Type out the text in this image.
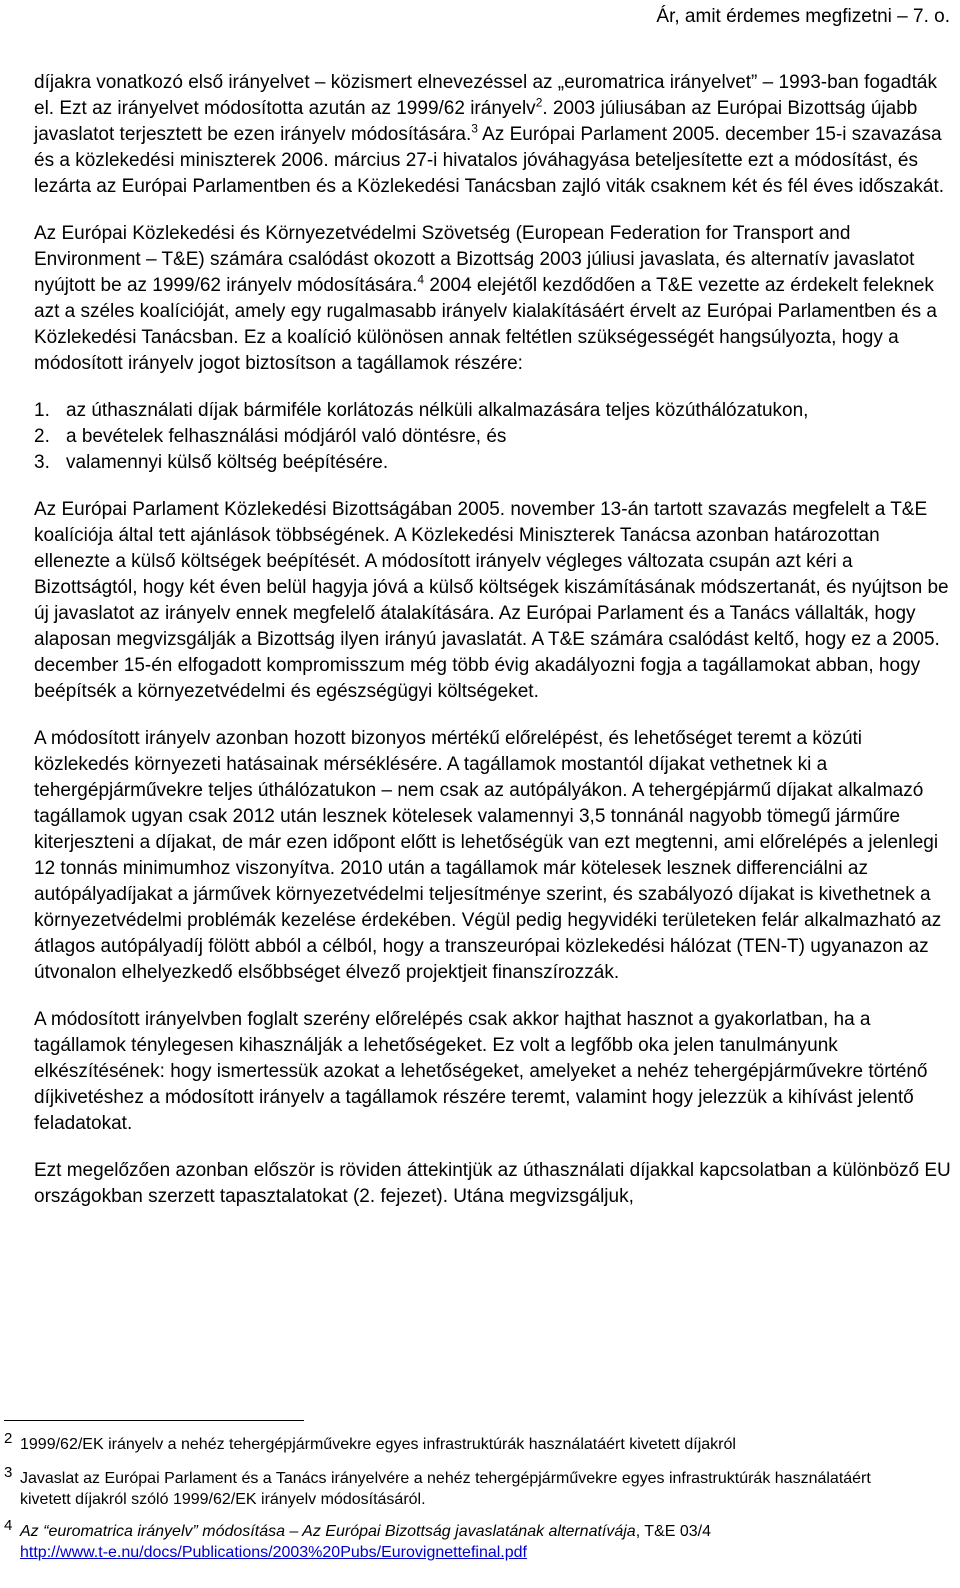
Ár, amit érdemes megfizetni – 7. o.

díjakra vonatkozó első irányelvet – közismert elnevezéssel az „euromatrica irányelvet” – 1993-ban fogadták el. Ezt az irányelvet módosította azután az 1999/62 irányelv$^2$. 2003 júliusában az Európai Bizottság újabb javaslatot terjesztett be ezen irányelv módosítására.$^3$ Az Európai Parlament 2005. december 15-i szavazása és a közlekedési miniszterek 2006. március 27-i hivatalos jóváhagyása beteljesítette ezt a módosítást, és lezárta az Európai Parlamentben és a Közlekedési Tanácsban zajló viták csaknem két és fél éves időszakát.

Az Európai Közlekedési és Környezetvédelmi Szövetség (European Federation for Transport and Environment – T&E) számára csalódást okozott a Bizottság 2003 júliusi javaslata, és alternatív javaslatot nyújtott be az 1999/62 irányelv módosítására.$^4$ 2004 elejétől kezdődően a T&E vezette az érdekelt feleknek azt a széles koalícióját, amely egy rugalmasabb irányelv kialakításáért érvelt az Európai Parlamentben és a Közlekedési Tanácsban. Ez a koalíció különösen annak feltétlen szükségességét hangsúlyozta, hogy a módosított irányelv jogot biztosítson a tagállamok részére:

1. az úthasználati díjak bármiféle korlátozás nélküli alkalmazására teljes közúthálózatukon,
2. a bevételek felhasználási módjáról való döntésre, és
3. valamennyi külső költség beépítésére.

Az Európai Parlament Közlekedési Bizottságában 2005. november 13-án tartott szavazás megfelelt a T&E koalíciója által tett ajánlások többségének. A Közlekedési Miniszterek Tanácsa azonban határozottan ellenezte a külső költségek beépítését. A módosított irányelv végleges változata csupán azt kéri a Bizottságtól, hogy két éven belül hagyja jóvá a külső költségek kiszámításának módszertanát, és nyújtson be új javaslatot az irányelv ennek megfelelő átalakítására. Az Európai Parlament és a Tanács vállalták, hogy alaposan megvizsgálják a Bizottság ilyen irányú javaslatát. A T&E számára csalódást keltő, hogy ez a 2005. december 15-én elfogadott kompromisszum még több évig akadályozni fogja a tagállamokat abban, hogy beépítsék a környezetvédelmi és egészségügyi költségeket.

A módosított irányelv azonban hozott bizonyos mértékű előrelépést, és lehetőséget teremt a közúti közlekedés környezeti hatásainak mérséklésére. A tagállamok mostantól díjakat vethetnek ki a tehergépjárművekre teljes úthálózatukon – nem csak az autópályákon. A tehergépjármű díjakat alkalmazó tagállamok ugyan csak 2012 után lesznek kötelesek valamennyi 3,5 tonnánál nagyobb tömegű járműre kiterjeszteni a díjakat, de már ezen időpont előtt is lehetőségük van ezt megtenni, ami előrelépés a jelenlegi 12 tonnás minimumhoz viszonyítva. 2010 után a tagállamok már kötelesek lesznek differenciálni az autópályadíjakat a járművek környezetvédelmi teljesítménye szerint, és szabályozó díjakat is kivethetnek a környezetvédelmi problémák kezelése érdekében. Végül pedig hegyvidéki területeken felár alkalmazható az átlagos autópályadíj fölött abból a célból, hogy a transzeurópai közlekedési hálózat (TEN-T) ugyanazon az útvonalon elhelyezkedő elsőbbséget élvező projektjeit finanszírozzák.

A módosított irányelvben foglalt szerény előrelépés csak akkor hajthat hasznot a gyakorlatban, ha a tagállamok ténylegesen kihasználják a lehetőségeket. Ez volt a legfőbb oka jelen tanulmányunk elkészítésének: hogy ismertessük azokat a lehetőségeket, amelyeket a nehéz tehergépjárművekre történő díjkivetéshez a módosított irányelv a tagállamok részére teremt, valamint hogy jelezzük a kihívást jelentő feladatokat.

Ezt megelőzően azonban először is röviden áttekintjük az úthasználati díjakkal kapcsolatban a különböző EU országokban szerzett tapasztalatokat (2. fejezet). Utána megvizsgáljuk,

2 1999/62/EK irányelv a nehéz tehergépjárművekre egyes infrastruktúrák használatáért kivetett díjakról
3 Javaslat az Európai Parlament és a Tanács irányelvére a nehéz tehergépjárművekre egyes infrastruktúrák használatáért kivetett díjakról szóló 1999/62/EK irányelv módosításáról.
4 Az “euromatrica irányelv” módosítása – Az Európai Bizottság javaslatának alternatívája, T&E 03/4
http://www.t-e.nu/docs/Publications/2003%20Pubs/Eurovignettefinal.pdf
